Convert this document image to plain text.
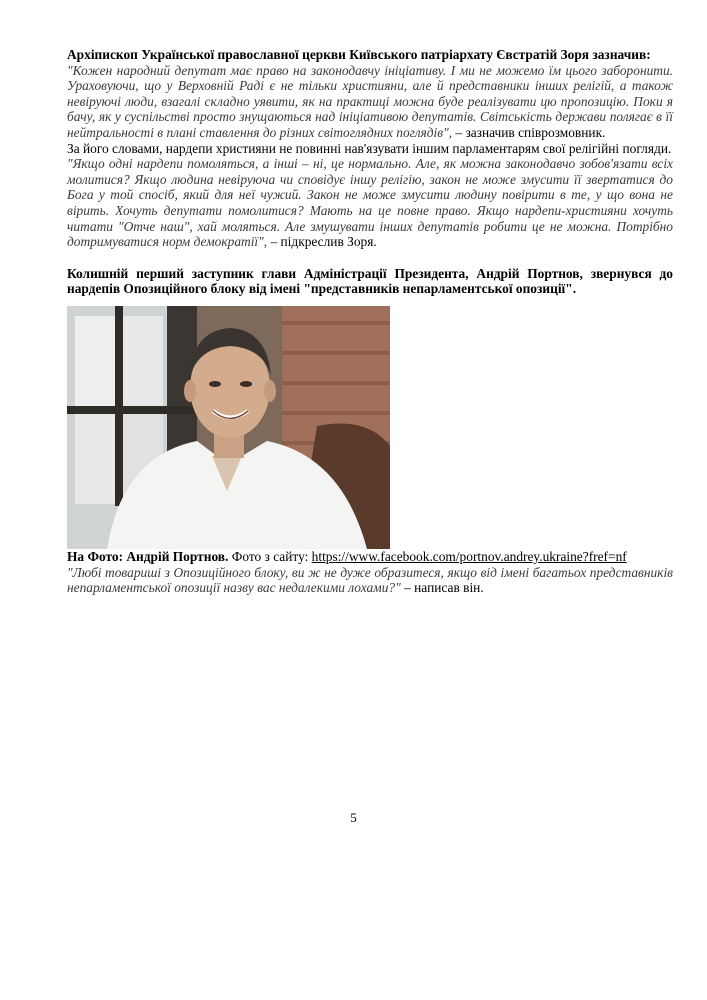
Архіпископ Української православної церкви Київського патріархату Євстратій Зоря зазначив:

"Кожен народний депутат має право на законодавчу ініціативу. І ми не можемо їм цього заборонити. Ураховуючи, що у Верховній Раді є не тільки християни, але й представники інших релігій, а також невіруючі люди, взагалі складно уявити, як на практиці можна буде реалізувати цю пропозицію. Поки я бачу, як у суспільстві просто знущаються над ініціативою депутатів. Світськість держави полягає в її нейтральності в плані ставлення до різних світоглядних поглядів", – зазначив співрозмовник.

За його словами, нардепи християни не повинні нав'язувати іншим парламентарям свої релігійні погляди.

"Якщо одні нардепи помоляться, а інші – ні, це нормально. Але, як можна законодавчо зобов'язати всіх молитися? Якщо людина невіруюча чи сповідує іншу релігію, закон не може змусити її звертатися до Бога у той спосіб, який для неї чужий. Закон не може змусити людину повірити в те, у що вона не вірить. Хочуть депутати помолитися? Мають на це повне право. Якщо нардепи-християни хочуть читати "Отче наш", хай моляться. Але змушувати інших депутатів робити це не можна. Потрібно дотримуватися норм демократії", – підкреслив Зоря.

Колишній перший заступник глави Адміністрації Президента, Андрій Портнов, звернувся до нардепів Опозиційного блоку від імені "представників непарламентської опозиції".

На Фото: Андрій Портнов. Фото з сайту: https://www.facebook.com/portnov.andrey.ukraine?fref=nf

"Любі товариші з Опозиційного блоку, ви ж не дуже образитеся, якщо від імені багатьох представників непарламентської опозиції назву вас недалекими лохами?" – написав він.

5
